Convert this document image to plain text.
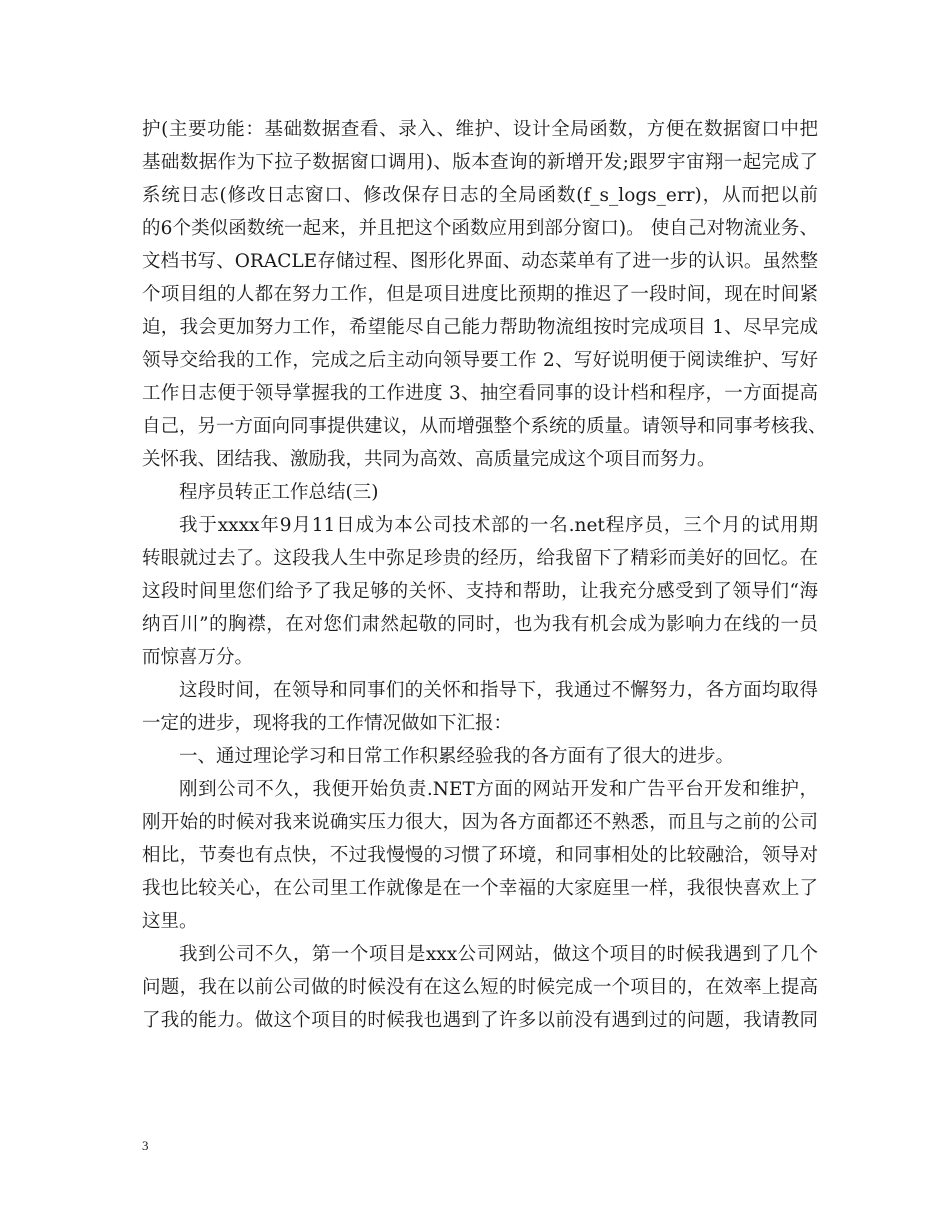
护(主要功能：基础数据查看、录入、维护、设计全局函数，方便在数据窗口中把
基础数据作为下拉子数据窗口调用)、版本查询的新增开发;跟罗宇宙翔一起完成了
系统日志(修改日志窗口、修改保存日志的全局函数(f_s_logs_err)，从而把以前
的6个类似函数统一起来，并且把这个函数应用到部分窗口)。 使自己对物流业务、
文档书写、ORACLE存储过程、图形化界面、动态菜单有了进一步的认识。虽然整
个项目组的人都在努力工作，但是项目进度比预期的推迟了一段时间，现在时间紧
迫，我会更加努力工作，希望能尽自己能力帮助物流组按时完成项目 1、尽早完成
领导交给我的工作，完成之后主动向领导要工作 2、写好说明便于阅读维护、写好
工作日志便于领导掌握我的工作进度 3、抽空看同事的设计档和程序，一方面提高
自己，另一方面向同事提供建议，从而增强整个系统的质量。请领导和同事考核我、
关怀我、团结我、激励我，共同为高效、高质量完成这个项目而努力。
程序员转正工作总结(三)
我于xxxx年9月11日成为本公司技术部的一名.net程序员，三个月的试用期
转眼就过去了。这段我人生中弥足珍贵的经历，给我留下了精彩而美好的回忆。在
这段时间里您们给予了我足够的关怀、支持和帮助，让我充分感受到了领导们“海
纳百川”的胸襟，在对您们肃然起敬的同时，也为我有机会成为影响力在线的一员
而惊喜万分。
这段时间，在领导和同事们的关怀和指导下，我通过不懈努力，各方面均取得
一定的进步，现将我的工作情况做如下汇报：
一、通过理论学习和日常工作积累经验我的各方面有了很大的进步。
刚到公司不久，我便开始负责.NET方面的网站开发和广告平台开发和维护，
刚开始的时候对我来说确实压力很大，因为各方面都还不熟悉，而且与之前的公司
相比，节奏也有点快，不过我慢慢的习惯了环境，和同事相处的比较融洽，领导对
我也比较关心，在公司里工作就像是在一个幸福的大家庭里一样，我很快喜欢上了
这里。
我到公司不久，第一个项目是xxx公司网站，做这个项目的时候我遇到了几个
问题，我在以前公司做的时候没有在这么短的时候完成一个项目的，在效率上提高
了我的能力。做这个项目的时候我也遇到了许多以前没有遇到过的问题，我请教同
3
